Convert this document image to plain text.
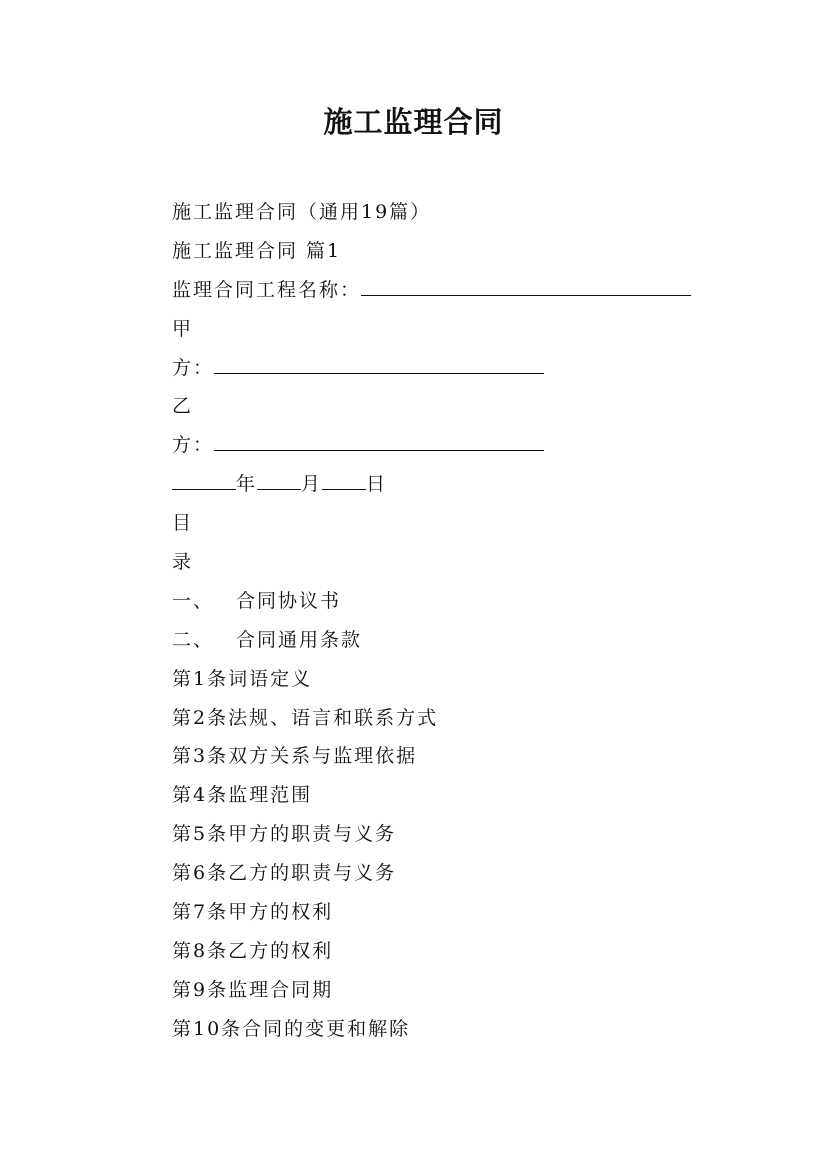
施工监理合同
施工监理合同（通用19篇）
施工监理合同 篇1
监理合同工程名称：
甲
方：
乙
方：
年 月 日
目
录
一、 合同协议书
二、 合同通用条款
第1条词语定义
第2条法规、语言和联系方式
第3条双方关系与监理依据
第4条监理范围
第5条甲方的职责与义务
第6条乙方的职责与义务
第7条甲方的权利
第8条乙方的权利
第9条监理合同期
第10条合同的变更和解除
